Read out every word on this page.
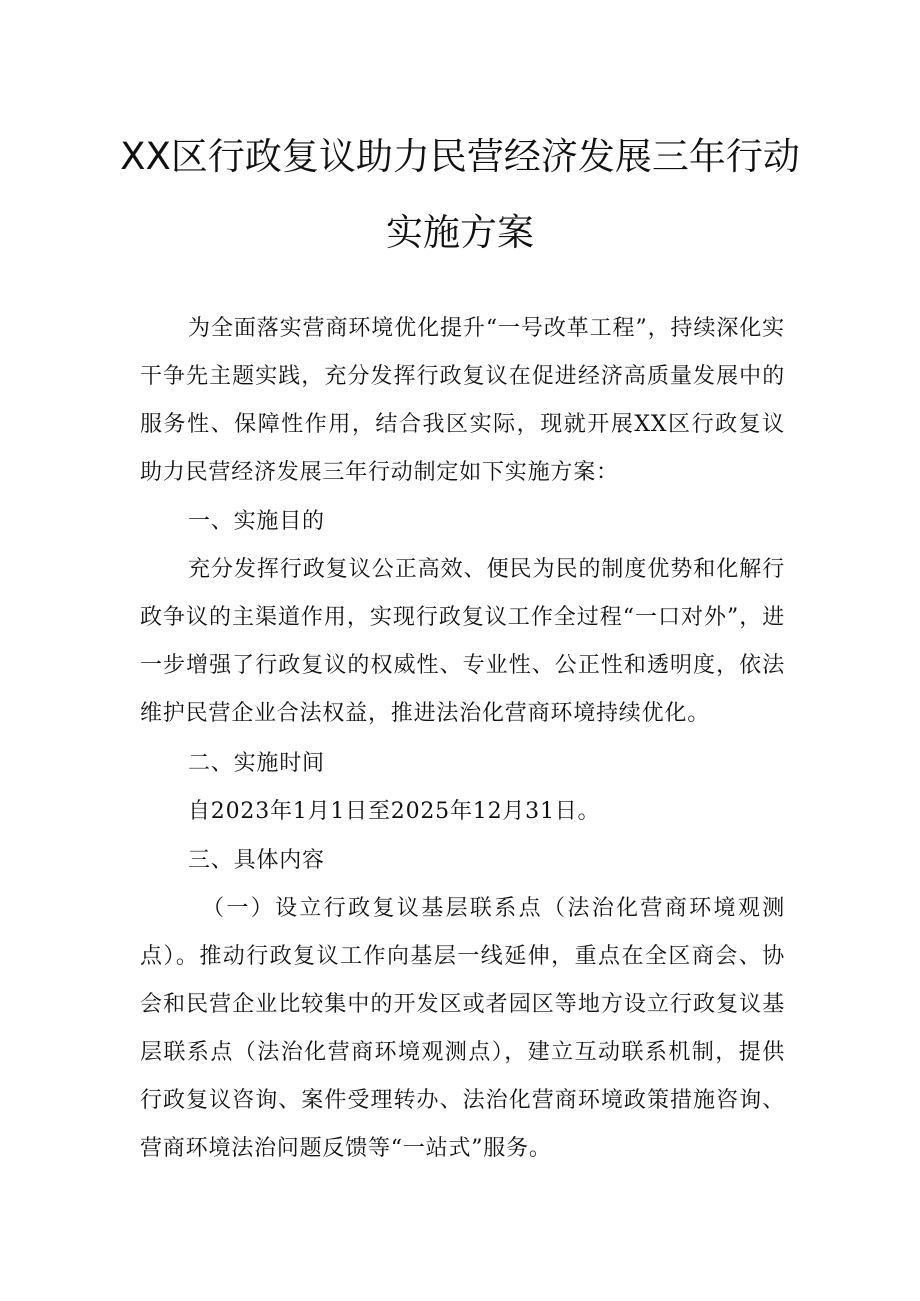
XX区行政复议助力民营经济发展三年行动
实施方案
为全面落实营商环境优化提升“一号改革工程”，持续深化实干争先主题实践，充分发挥行政复议在促进经济高质量发展中的服务性、保障性作用，结合我区实际，现就开展XX区行政复议助力民营经济发展三年行动制定如下实施方案：
一、实施目的
充分发挥行政复议公正高效、便民为民的制度优势和化解行政争议的主渠道作用，实现行政复议工作全过程“一口对外”，进一步增强了行政复议的权威性、专业性、公正性和透明度，依法维护民营企业合法权益，推进法治化营商环境持续优化。
二、实施时间
自2023年1月1日至2025年12月31日。
三、具体内容
（一）设立行政复议基层联系点（法治化营商环境观测点）。推动行政复议工作向基层一线延伸，重点在全区商会、协会和民营企业比较集中的开发区或者园区等地方设立行政复议基层联系点（法治化营商环境观测点），建立互动联系机制，提供行政复议咨询、案件受理转办、法治化营商环境政策措施咨询、营商环境法治问题反馈等“一站式”服务。
